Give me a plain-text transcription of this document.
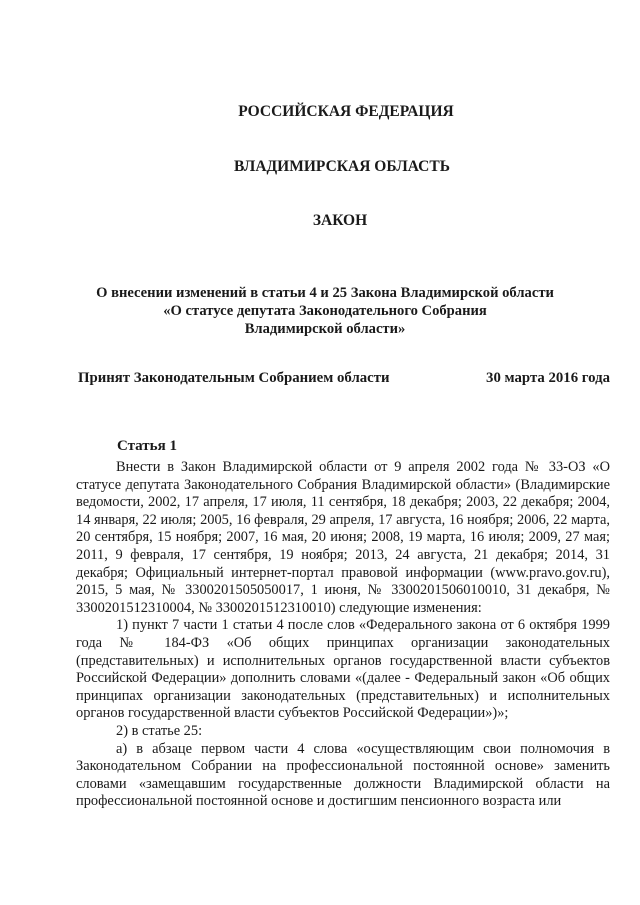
РОССИЙСКАЯ ФЕДЕРАЦИЯ
ВЛАДИМИРСКАЯ ОБЛАСТЬ
ЗАКОН
О внесении изменений в статьи 4 и 25 Закона Владимирской области
«О статусе депутата Законодательного Собрания
Владимирской области»
Принят Законодательным Собранием области	30 марта 2016 года
Статья 1

Внести в Закон Владимирской области от 9 апреля 2002 года № 33-ОЗ «О статусе депутата Законодательного Собрания Владимирской области» (Владимирские ведомости, 2002, 17 апреля, 17 июля, 11 сентября, 18 декабря; 2003, 22 декабря; 2004, 14 января, 22 июля; 2005, 16 февраля, 29 апреля, 17 августа, 16 ноября; 2006, 22 марта, 20 сентября, 15 ноября; 2007, 16 мая, 20 июня; 2008, 19 марта, 16 июля; 2009, 27 мая; 2011, 9 февраля, 17 сентября, 19 ноября; 2013, 24 августа, 21 декабря; 2014, 31 декабря; Официальный интернет-портал правовой информации (www.pravo.gov.ru), 2015, 5 мая, № 3300201505050017, 1 июня, № 3300201506010010, 31 декабря, № 3300201512310004, № 3300201512310010) следующие изменения:

1) пункт 7 части 1 статьи 4 после слов «Федерального закона от 6 октября 1999 года № 184-ФЗ «Об общих принципах организации законодательных (представительных) и исполнительных органов государственной власти субъектов Российской Федерации» дополнить словами «(далее - Федеральный закон «Об общих принципах организации законодательных (представительных) и исполнительных органов государственной власти субъектов Российской Федерации»)»;

2) в статье 25:

а) в абзаце первом части 4 слова «осуществляющим свои полномочия в Законодательном Собрании на профессиональной постоянной основе» заменить словами «замещавшим государственные должности Владимирской области на профессиональной постоянной основе и достигшим пенсионного возраста или
